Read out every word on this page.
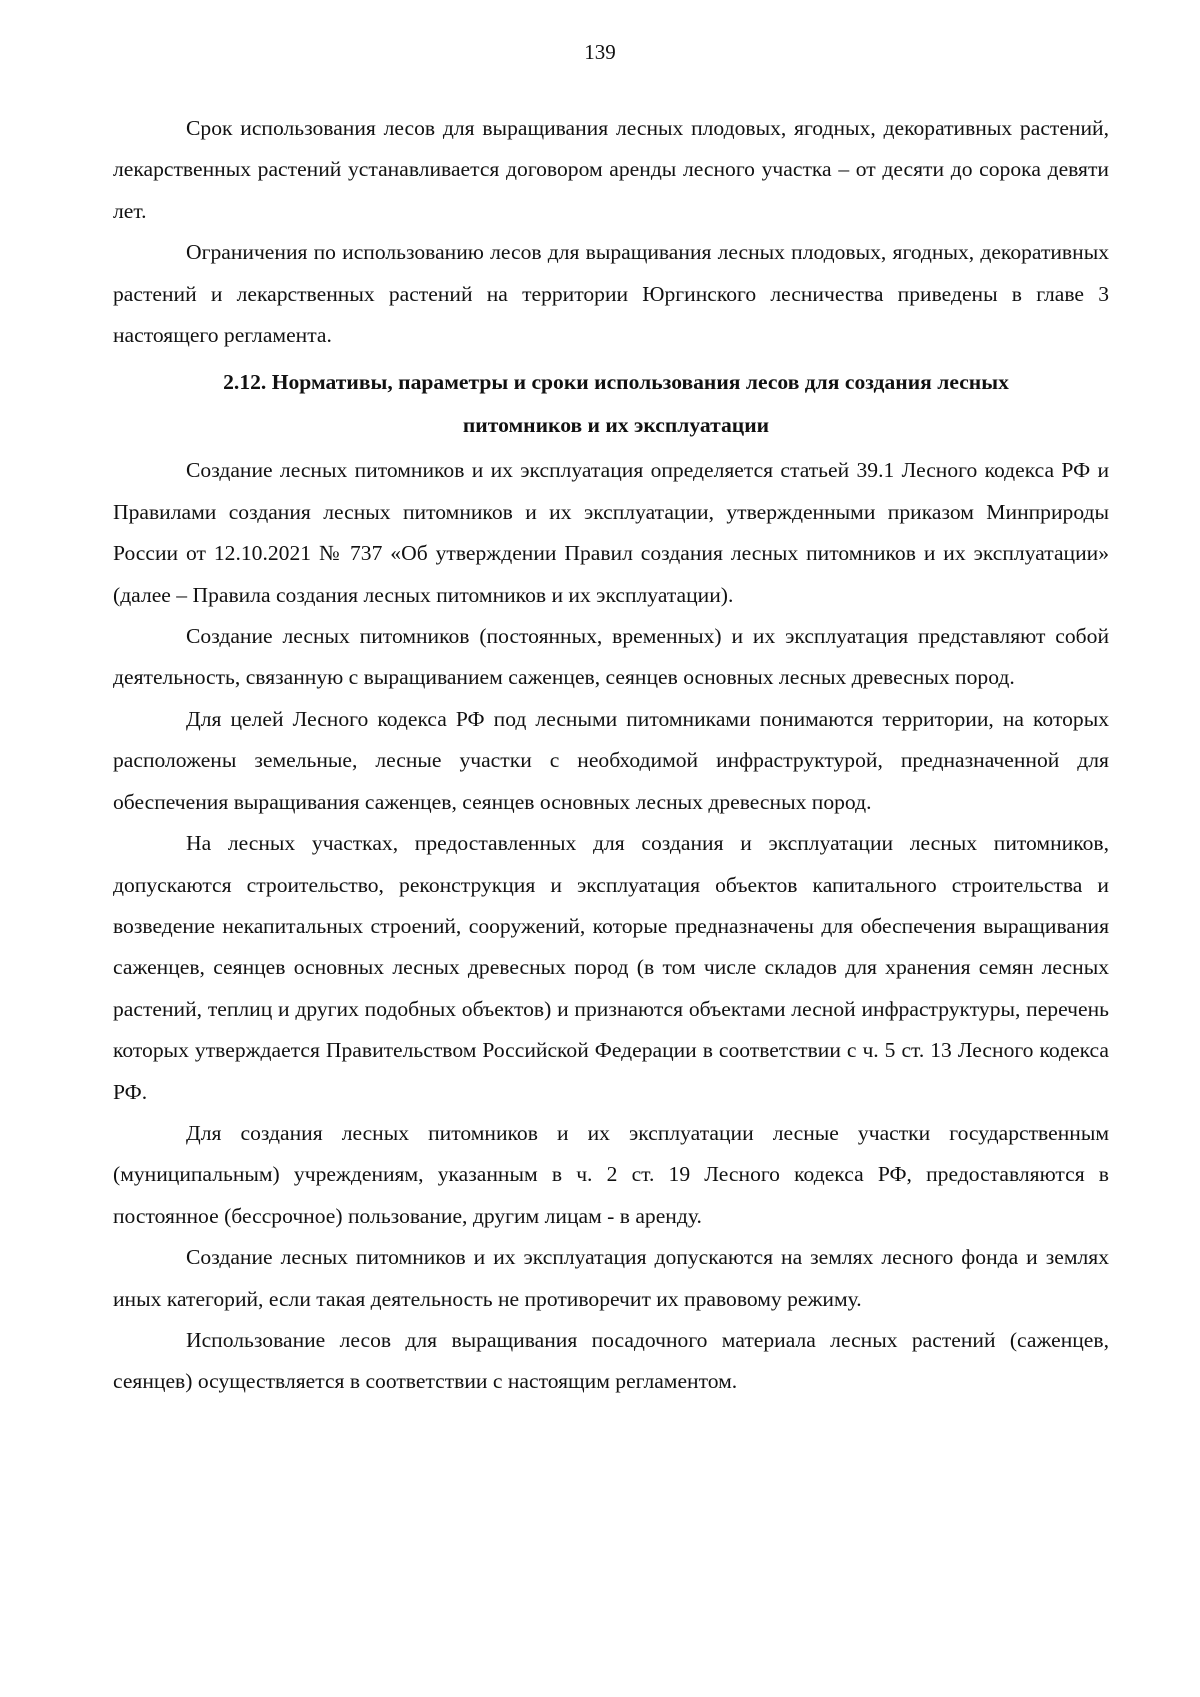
139

Срок использования лесов для выращивания лесных плодовых, ягодных, декоративных растений, лекарственных растений устанавливается договором аренды лесного участка – от десяти до сорока девяти лет.

Ограничения по использованию лесов для выращивания лесных плодовых, ягодных, декоративных растений и лекарственных растений на территории Юргинского лесничества приведены в главе 3 настоящего регламента.

2.12. Нормативы, параметры и сроки использования лесов для создания лесных
питомников и их эксплуатации

Создание лесных питомников и их эксплуатация определяется статьей 39.1 Лесного кодекса РФ и Правилами создания лесных питомников и их эксплуатации, утвержденными приказом Минприроды России от 12.10.2021 № 737 «Об утверждении Правил создания лесных питомников и их эксплуатации» (далее – Правила создания лесных питомников и их эксплуатации).

Создание лесных питомников (постоянных, временных) и их эксплуатация представляют собой деятельность, связанную с выращиванием саженцев, сеянцев основных лесных древесных пород.

Для целей Лесного кодекса РФ под лесными питомниками понимаются территории, на которых расположены земельные, лесные участки с необходимой инфраструктурой, предназначенной для обеспечения выращивания саженцев, сеянцев основных лесных древесных пород.

На лесных участках, предоставленных для создания и эксплуатации лесных питомников, допускаются строительство, реконструкция и эксплуатация объектов капитального строительства и возведение некапитальных строений, сооружений, которые предназначены для обеспечения выращивания саженцев, сеянцев основных лесных древесных пород (в том числе складов для хранения семян лесных растений, теплиц и других подобных объектов) и признаются объектами лесной инфраструктуры, перечень которых утверждается Правительством Российской Федерации в соответствии с ч. 5 ст. 13 Лесного кодекса РФ.

Для создания лесных питомников и их эксплуатации лесные участки государственным (муниципальным) учреждениям, указанным в ч. 2 ст. 19 Лесного кодекса РФ, предоставляются в постоянное (бессрочное) пользование, другим лицам - в аренду.

Создание лесных питомников и их эксплуатация допускаются на землях лесного фонда и землях иных категорий, если такая деятельность не противоречит их правовому режиму.

Использование лесов для выращивания посадочного материала лесных растений (саженцев, сеянцев) осуществляется в соответствии с настоящим регламентом.
